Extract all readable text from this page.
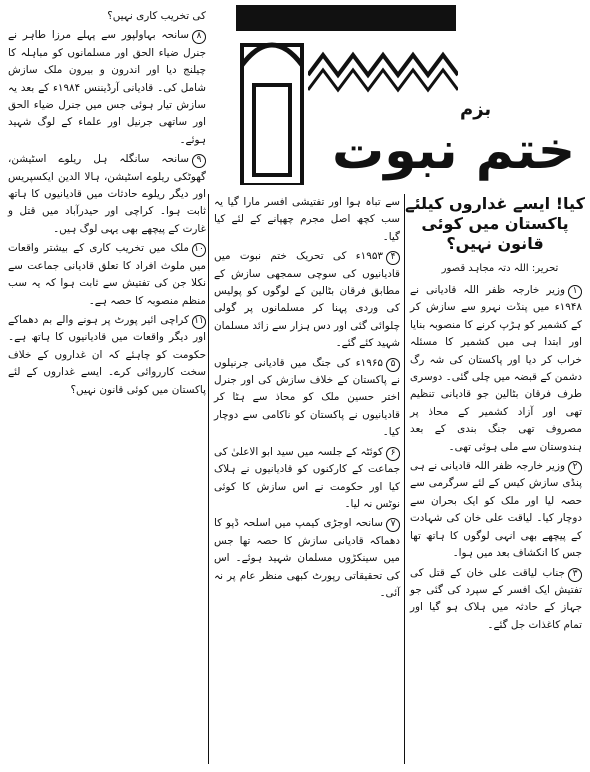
بزم
ختم نبوت
کیا! ایسے غداروں کیلئے پاکستان میں کوئی قانون نہیں؟
تحریر: اللہ دتہ مجاہد قصور

۱وزیر خارجہ ظفر اللہ قادیانی نے ۱۹۴۸ء میں پنڈت نہرو سے سازش کر کے کشمیر کو ہڑپ کرنے کا منصوبہ بنایا اور ابتدا ہی میں کشمیر کا مسئلہ خراب کر دیا اور پاکستان کی شہ رگ دشمن کے قبضہ میں چلی گئی۔ دوسری طرف فرقان بٹالین جو قادیانی تنظیم تھی اور آزاد کشمیر کے محاذ پر مصروف تھی جنگ بندی کے بعد ہندوستان سے ملی ہوئی تھی۔

۲وزیر خارجہ ظفر اللہ قادیانی نے ہی پنڈی سازش کیس کے لئے سرگرمی سے حصہ لیا اور ملک کو ایک بحران سے دوچار کیا۔ لیاقت علی خان کی شہادت کے پیچھے بھی انہی لوگوں کا ہاتھ تھا جس کا انکشاف بعد میں ہوا۔

۳جناب لیاقت علی خان کے قتل کی تفتیش ایک افسر کے سپرد کی گئی جو جہاز کے حادثہ میں ہلاک ہو گیا اور تمام کاغذات جل گئے۔

سے تباہ ہوا اور تفتیشی افسر مارا گیا یہ سب کچھ اصل مجرم چھپانے کے لئے کیا گیا۔

۴۱۹۵۳ء کی تحریک ختم نبوت میں قادیانیوں کی سوچی سمجھی سازش کے مطابق فرقان بٹالین کے لوگوں کو پولیس کی وردی پہنا کر مسلمانوں پر گولی چلوائی گئی اور دس ہزار سے زائد مسلمان شہید کئے گئے۔

۵۱۹۶۵ء کی جنگ میں قادیانی جرنیلوں نے پاکستان کے خلاف سازش کی اور جنرل اختر حسین ملک کو محاذ سے ہٹا کر قادیانیوں نے پاکستان کو ناکامی سے دوچار کیا۔

۶کوئٹہ کے جلسہ میں سید ابو الاعلیٰ کی جماعت کے کارکنوں کو قادیانیوں نے ہلاک کیا اور حکومت نے اس سازش کا کوئی نوٹس نہ لیا۔

۷سانحہ اوجڑی کیمپ میں اسلحہ ڈپو کا دھماکہ قادیانی سازش کا حصہ تھا جس میں سینکڑوں مسلمان شہید ہوئے۔ اس کی تحقیقاتی رپورٹ کبھی منظر عام پر نہ آئی۔

کی تخریب کاری نہیں؟

۸سانحہ بہاولپور سے پہلے مرزا طاہر نے جنرل ضیاء الحق اور مسلمانوں کو مباہلہ کا چیلنج دیا اور اندرون و بیرون ملک سازش شامل کی۔ قادیانی آرڈیننس ۱۹۸۴ء کے بعد یہ سازش تیار ہوئی جس میں جنرل ضیاء الحق اور ساتھی جرنیل اور علماء کے لوگ شہید ہوئے۔

۹سانحہ سانگلہ ہل ریلوے اسٹیشن، گھوٹکی ریلوے اسٹیشن، ہالا الدین ایکسپریس اور دیگر ریلوے حادثات میں قادیانیوں کا ہاتھ ثابت ہوا۔ کراچی اور حیدرآباد میں قتل و غارت کے پیچھے بھی یہی لوگ ہیں۔

۱۰ملک میں تخریب کاری کے بیشتر واقعات میں ملوث افراد کا تعلق قادیانی جماعت سے نکلا جن کی تفتیش سے ثابت ہوا کہ یہ سب منظم منصوبہ کا حصہ ہے۔

۱۱کراچی ائیر پورٹ پر ہونے والے بم دھماکے اور دیگر واقعات میں قادیانیوں کا ہاتھ ہے۔ حکومت کو چاہئے کہ ان غداروں کے خلاف سخت کارروائی کرے۔ ایسے غداروں کے لئے پاکستان میں کوئی قانون نہیں؟
